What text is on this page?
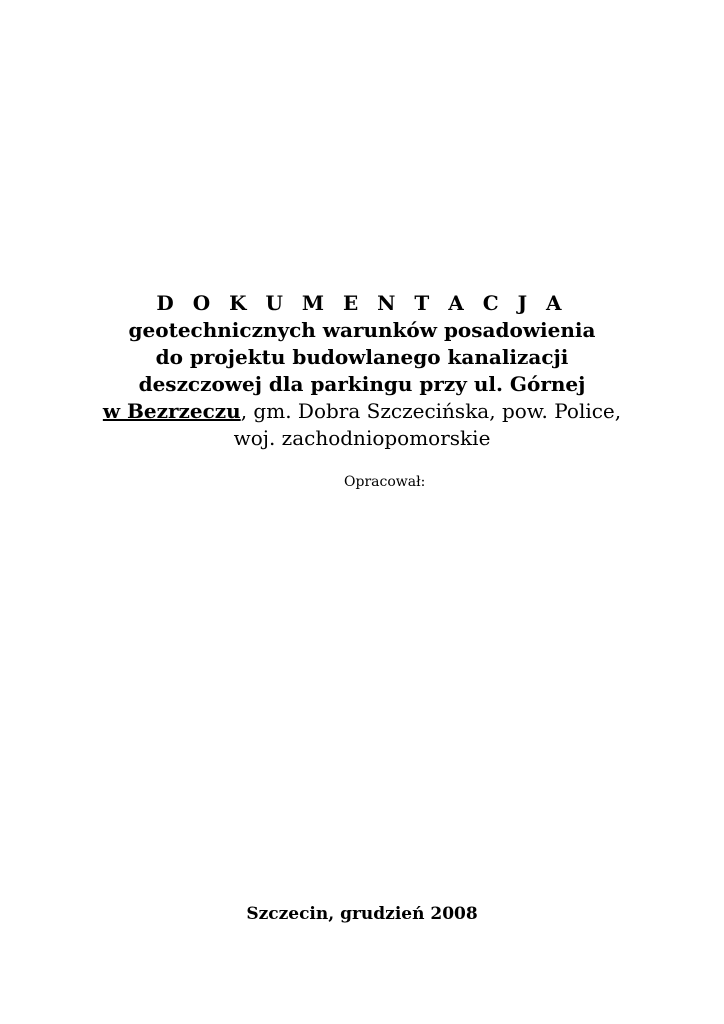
D O K U M E N T A C J A

geotechnicznych warunków posadowienia

do projektu budowlanego kanalizacji

deszczowej dla parkingu przy ul. Górnej

w Bezrzeczu, gm. Dobra Szczecińska, pow. Police,

woj. zachodniopomorskie

Opracował:
Szczecin, grudzień 2008
